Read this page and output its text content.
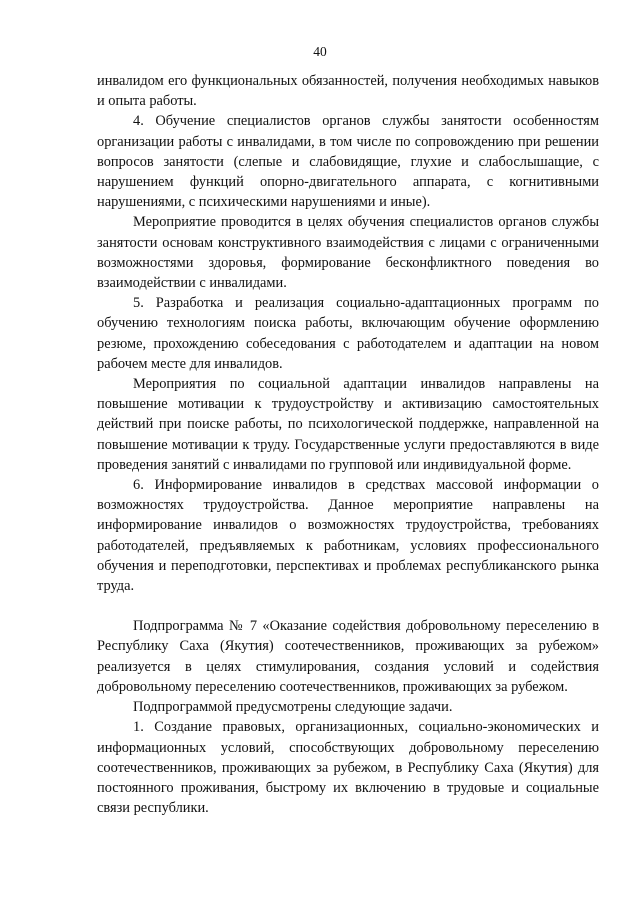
40

инвалидом его функциональных обязанностей, получения необходимых навыков и опыта работы.

4. Обучение специалистов органов службы занятости особенностям организации работы с инвалидами, в том числе по сопровождению при решении вопросов занятости (слепые и слабовидящие, глухие и слабослышащие, с нарушением функций опорно-двигательного аппарата, с когнитивными нарушениями, с психическими нарушениями и иные).

Мероприятие проводится в целях обучения специалистов органов службы занятости основам конструктивного взаимодействия с лицами с ограниченными возможностями здоровья, формирование бесконфликтного поведения во взаимодействии с инвалидами.

5. Разработка и реализация социально-адаптационных программ по обучению технологиям поиска работы, включающим обучение оформлению резюме, прохождению собеседования с работодателем и адаптации на новом рабочем месте для инвалидов.

Мероприятия по социальной адаптации инвалидов направлены на повышение мотивации к трудоустройству и активизацию самостоятельных действий при поиске работы, по психологической поддержке, направленной на повышение мотивации к труду. Государственные услуги предоставляются в виде проведения занятий с инвалидами по групповой или индивидуальной форме.

6. Информирование инвалидов в средствах массовой информации о возможностях трудоустройства. Данное мероприятие направлены на информирование инвалидов о возможностях трудоустройства, требованиях работодателей, предъявляемых к работникам, условиях профессионального обучения и переподготовки, перспективах и проблемах республиканского рынка труда.

Подпрограмма № 7 «Оказание содействия добровольному переселению в Республику Саха (Якутия) соотечественников, проживающих за рубежом» реализуется в целях стимулирования, создания условий и содействия добровольному переселению соотечественников, проживающих за рубежом.

Подпрограммой предусмотрены следующие задачи.

1. Создание правовых, организационных, социально-экономических и информационных условий, способствующих добровольному переселению соотечественников, проживающих за рубежом, в Республику Саха (Якутия) для постоянного проживания, быстрому их включению в трудовые и социальные связи республики.
